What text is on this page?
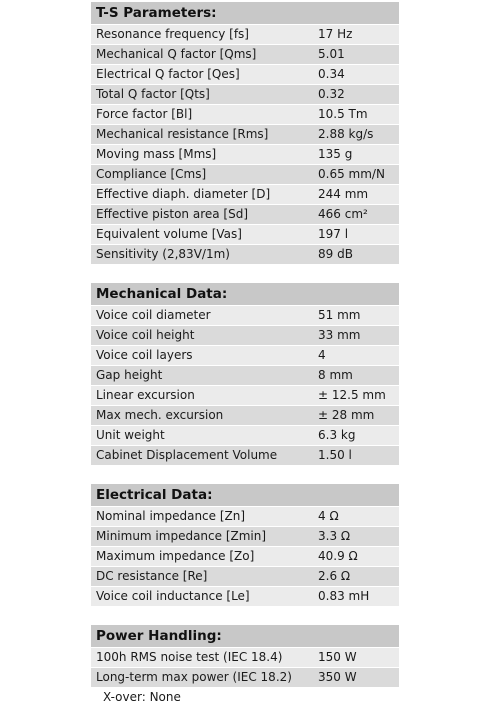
T-S Parameters:
Resonance frequency [fs]	17 Hz
Mechanical Q factor [Qms]	5.01
Electrical Q factor [Qes]	0.34
Total Q factor [Qts]	0.32
Force factor [Bl]	10.5 Tm
Mechanical resistance [Rms]	2.88 kg/s
Moving mass [Mms]	135 g
Compliance [Cms]	0.65 mm/N
Effective diaph. diameter [D]	244 mm
Effective piston area [Sd]	466 cm²
Equivalent volume [Vas]	197 l
Sensitivity (2,83V/1m)	89 dB
Mechanical Data:
Voice coil diameter	51 mm
Voice coil height	33 mm
Voice coil layers	4
Gap height	8 mm
Linear excursion	± 12.5 mm
Max mech. excursion	± 28 mm
Unit weight	6.3 kg
Cabinet Displacement Volume	1.50 l
Electrical Data:
Nominal impedance [Zn]	4 Ω
Minimum impedance [Zmin]	3.3 Ω
Maximum impedance [Zo]	40.9 Ω
DC resistance [Re]	2.6 Ω
Voice coil inductance [Le]	0.83 mH
Power Handling:
100h RMS noise test (IEC 18.4)	150 W
Long-term max power (IEC 18.2)	350 W
X-over: None
